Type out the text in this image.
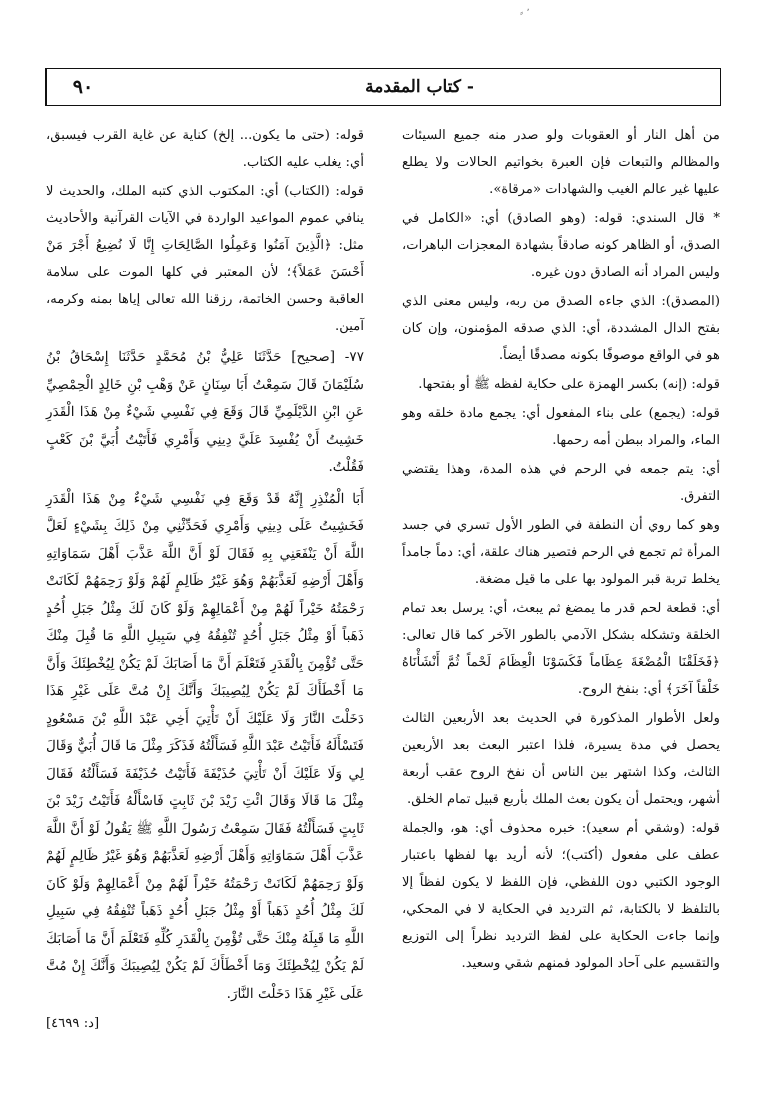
٬ ⸗
٩٠	- كتاب المقدمة

من أهل النار أو العقوبات ولو صدر منه جميع السيئات والمظالم والتبعات فإن العبرة بخواتيم الحالات ولا يطلع عليها غير عالم الغيب والشهادات «مرقاة».

* قال السندي: قوله: (وهو الصادق) أي: «الكامل في الصدق، أو الظاهر كونه صادقاً بشهادة المعجزات الباهرات، وليس المراد أنه الصادق دون غيره.

(المصدق): الذي جاءه الصدق من ربه، وليس معنى الذي بفتح الدال المشددة، أي: الذي صدقه المؤمنون، وإن كان هو في الواقع موصوفًا بكونه مصدقًا أيضاً.

قوله: (إنه) بكسر الهمزة على حكاية لفظه ﷺ أو بفتحها.

قوله: (يجمع) على بناء المفعول أي: يجمع مادة خلقه وهو الماء، والمراد ببطن أمه رحمها.

أي: يتم جمعه في الرحم في هذه المدة، وهذا يقتضي التفرق.

وهو كما روي أن النطفة في الطور الأول تسري في جسد المرأة ثم تجمع في الرحم فتصير هناك علقة، أي: دماً جامداً يخلط تربة قبر المولود بها على ما قيل مضغة.

أي: قطعة لحم قدر ما يمضغ ثم يبعث، أي: يرسل بعد تمام الخلقة وتشكله بشكل الآدمي بالطور الآخر كما قال تعالى: ﴿فَخَلَقْنَا الْمُضْغَةَ عِظَاماً فَكَسَوْنَا الْعِظَامَ لَحْماً ثُمَّ أَنْشَأْنَاهُ خَلْقاً آخَرَ﴾ أي: بنفخ الروح.

ولعل الأطوار المذكورة في الحديث بعد الأربعين الثالث يحصل في مدة يسيرة، فلذا اعتبر البعث بعد الأربعين الثالث، وكذا اشتهر بين الناس أن نفخ الروح عقب أربعة أشهر، ويحتمل أن يكون بعث الملك بأربع قبيل تمام الخلق.

قوله: (وشقي أم سعيد): خبره محذوف أي: هو، والجملة عطف على مفعول (أكتب)؛ لأنه أريد بها لفظها باعتبار الوجود الكتبي دون اللفظي، فإن اللفظ لا يكون لفظاً إلا بالتلفظ لا بالكتابة، ثم الترديد في الحكاية لا في المحكي، وإنما جاءت الحكاية على لفظ الترديد نظراً إلى التوزيع والتقسيم على آحاد المولود فمنهم شقي وسعيد.

قوله: (حتى ما يكون... إلخ) كناية عن غاية القرب فيسبق، أي: يغلب عليه الكتاب.

قوله: (الكتاب) أي: المكتوب الذي كتبه الملك، والحديث لا ينافي عموم المواعيد الواردة في الآيات القرآنية والأحاديث مثل: ﴿الَّذِينَ آمَنُوا وَعَمِلُوا الصَّالِحَاتِ إِنَّا لَا نُضِيعُ أَجْرَ مَنْ أَحْسَنَ عَمَلاً﴾؛ لأن المعتبر في كلها الموت على سلامة العاقبة وحسن الخاتمة، رزقنا الله تعالى إياها بمنه وكرمه، آمين.

٧٧- [صحيح] حَدَّثَنَا عَلِيُّ بْنُ مُحَمَّدٍ حَدَّثَنَا إِسْحَاقُ بْنُ سُلَيْمَانَ قَالَ سَمِعْتُ أَبَا سِنَانٍ عَنْ وَهْبِ بْنِ خَالِدٍ الْحِمْصِيِّ عَنِ ابْنِ الدَّيْلَمِيِّ قَالَ وَقَعَ فِي نَفْسِي شَيْءٌ مِنْ هَذَا الْقَدَرِ خَشِيتُ أَنْ يُفْسِدَ عَلَيَّ دِينِي وَأَمْرِي فَأَتَيْتُ أُبَيَّ بْنَ كَعْبٍ فَقُلْتُ.

أَبَا الْمُنْذِرِ إِنَّهُ قَدْ وَقَعَ فِي نَفْسِي شَيْءٌ مِنْ هَذَا الْقَدَرِ فَخَشِيتُ عَلَى دِينِي وَأَمْرِي فَحَدِّثْنِي مِنْ ذَلِكَ بِشَيْءٍ لَعَلَّ اللَّهَ أَنْ يَنْفَعَنِي بِهِ فَقَالَ لَوْ أَنَّ اللَّهَ عَذَّبَ أَهْلَ سَمَاوَاتِهِ وَأَهْلَ أَرْضِهِ لَعَذَّبَهُمْ وَهُوَ غَيْرُ ظَالِمٍ لَهُمْ وَلَوْ رَحِمَهُمْ لَكَانَتْ رَحْمَتُهُ خَيْراً لَهُمْ مِنْ أَعْمَالِهِمْ وَلَوْ كَانَ لَكَ مِثْلُ جَبَلِ أُحُدٍ ذَهَباً أَوْ مِثْلُ جَبَلِ أُحُدٍ تُنْفِقُهُ فِي سَبِيلِ اللَّهِ مَا قُبِلَ مِنْكَ حَتَّى تُؤْمِنَ بِالْقَدَرِ فَتَعْلَمَ أَنَّ مَا أَصَابَكَ لَمْ يَكُنْ لِيُخْطِئَكَ وَأَنَّ مَا أَخْطَأَكَ لَمْ يَكُنْ لِيُصِيبَكَ وَأَنَّكَ إِنْ مُتَّ عَلَى غَيْرِ هَذَا دَخَلْتَ النَّارَ وَلَا عَلَيْكَ أَنْ تَأْتِيَ أَخِي عَبْدَ اللَّهِ بْنَ مَسْعُودٍ فَتَسْأَلَهُ فَأَتَيْتُ عَبْدَ اللَّهِ فَسَأَلْتُهُ فَذَكَرَ مِثْلَ مَا قَالَ أُبَيٌّ وَقَالَ لِي وَلَا عَلَيْكَ أَنْ تَأْتِيَ حُذَيْفَةَ فَأَتَيْتُ حُذَيْفَةَ فَسَأَلْتُهُ فَقَالَ مِثْلَ مَا قَالَا وَقَالَ ائْتِ زَيْدَ بْنَ ثَابِتٍ فَاسْأَلْهُ فَأَتَيْتُ زَيْدَ بْنَ ثَابِتٍ فَسَأَلْتُهُ فَقَالَ سَمِعْتُ رَسُولَ اللَّهِ ﷺ يَقُولُ لَوْ أَنَّ اللَّهَ عَذَّبَ أَهْلَ سَمَاوَاتِهِ وَأَهْلَ أَرْضِهِ لَعَذَّبَهُمْ وَهُوَ غَيْرُ ظَالِمٍ لَهُمْ وَلَوْ رَحِمَهُمْ لَكَانَتْ رَحْمَتُهُ خَيْراً لَهُمْ مِنْ أَعْمَالِهِمْ وَلَوْ كَانَ لَكَ مِثْلُ أُحُدٍ ذَهَباً أَوْ مِثْلُ جَبَلِ أُحُدٍ ذَهَباً تُنْفِقُهُ فِي سَبِيلِ اللَّهِ مَا قَبِلَهُ مِنْكَ حَتَّى تُؤْمِنَ بِالْقَدَرِ كُلِّهِ فَتَعْلَمَ أَنَّ مَا أَصَابَكَ لَمْ يَكُنْ لِيُخْطِئَكَ وَمَا أَخْطَأَكَ لَمْ يَكُنْ لِيُصِيبَكَ وَأَنَّكَ إِنْ مُتَّ عَلَى غَيْرِ هَذَا دَخَلْتَ النَّارَ.

[د: ٤٦٩٩]
